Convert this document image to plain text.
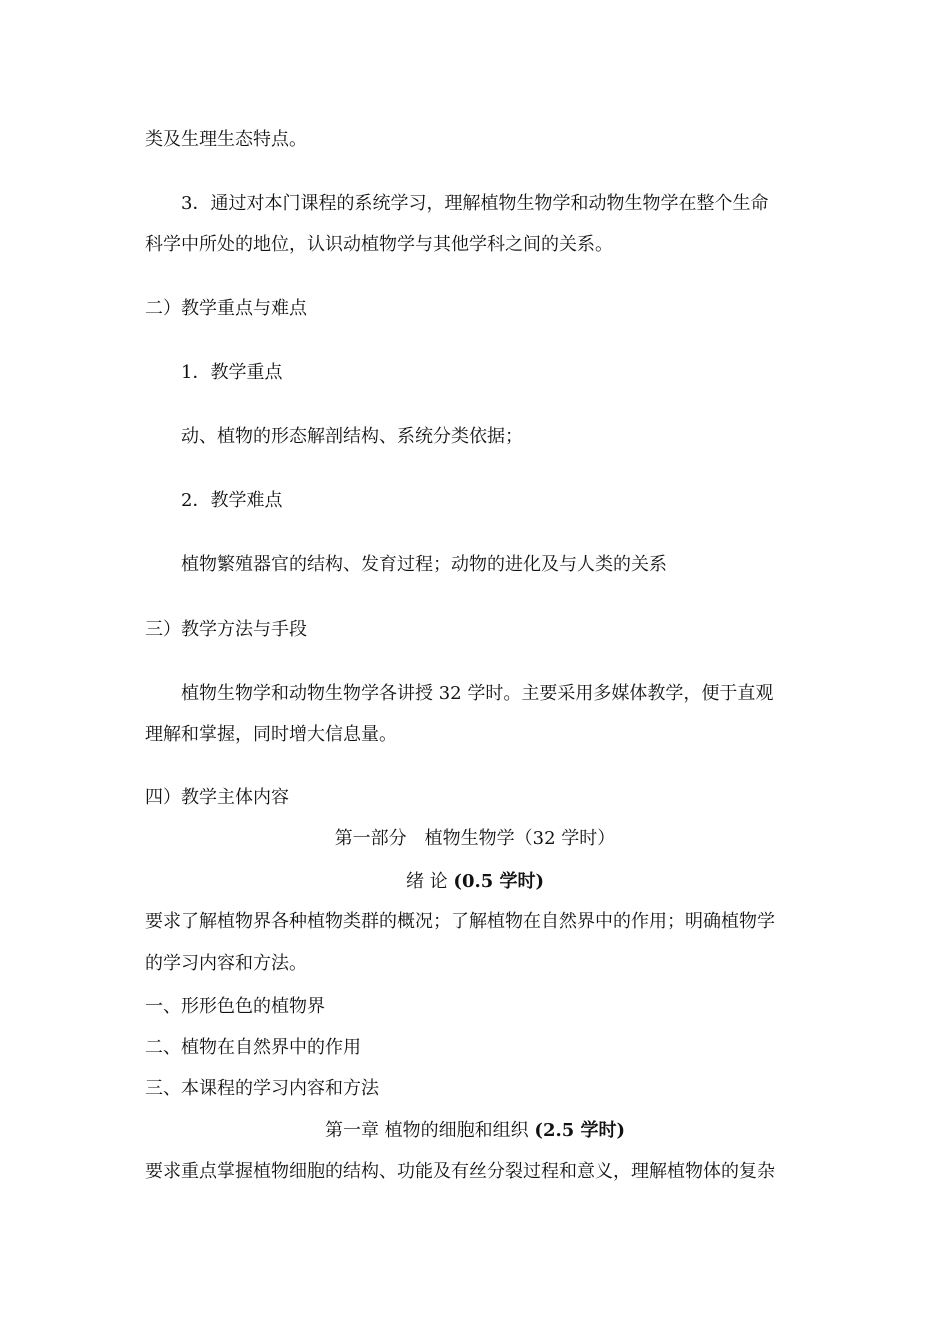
类及生理生态特点。
3．通过对本门课程的系统学习，理解植物生物学和动物生物学在整个生命
科学中所处的地位，认识动植物学与其他学科之间的关系。
二）教学重点与难点
1．教学重点
动、植物的形态解剖结构、系统分类依据；
2．教学难点
植物繁殖器官的结构、发育过程；动物的进化及与人类的关系
三）教学方法与手段
植物生物学和动物生物学各讲授 32 学时。主要采用多媒体教学，便于直观
理解和掌握，同时增大信息量。
四）教学主体内容
第一部分　植物生物学（32 学时）
绪 论 (0.5 学时)
要求了解植物界各种植物类群的概况；了解植物在自然界中的作用；明确植物学
的学习内容和方法。
一、形形色色的植物界
二、植物在自然界中的作用
三、本课程的学习内容和方法
第一章 植物的细胞和组织 (2.5 学时)
要求重点掌握植物细胞的结构、功能及有丝分裂过程和意义，理解植物体的复杂
